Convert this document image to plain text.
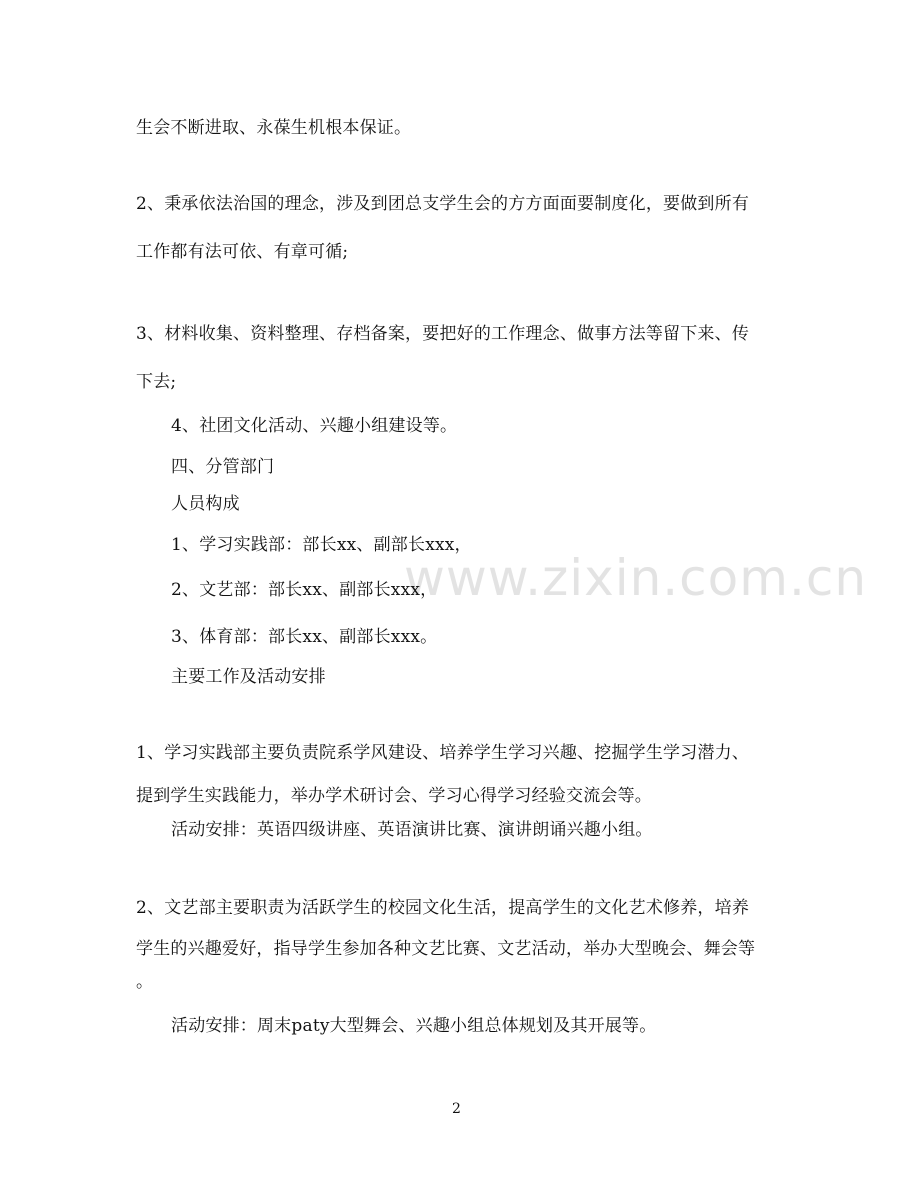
www.zixin.com.cn
生会不断进取、永葆生机根本保证。
2、秉承依法治国的理念，涉及到团总支学生会的方方面面要制度化，要做到所有
工作都有法可依、有章可循;
3、材料收集、资料整理、存档备案，要把好的工作理念、做事方法等留下来、传
下去;
4、社团文化活动、兴趣小组建设等。
四、分管部门
人员构成
1、学习实践部：部长xx、副部长xxx，
2、文艺部：部长xx、副部长xxx，
3、体育部：部长xx、副部长xxx。
主要工作及活动安排
1、学习实践部主要负责院系学风建设、培养学生学习兴趣、挖掘学生学习潜力、
提到学生实践能力，举办学术研讨会、学习心得学习经验交流会等。
活动安排：英语四级讲座、英语演讲比赛、演讲朗诵兴趣小组。
2、文艺部主要职责为活跃学生的校园文化生活，提高学生的文化艺术修养，培养
学生的兴趣爱好，指导学生参加各种文艺比赛、文艺活动，举办大型晚会、舞会等
。
活动安排：周末paty大型舞会、兴趣小组总体规划及其开展等。
2
